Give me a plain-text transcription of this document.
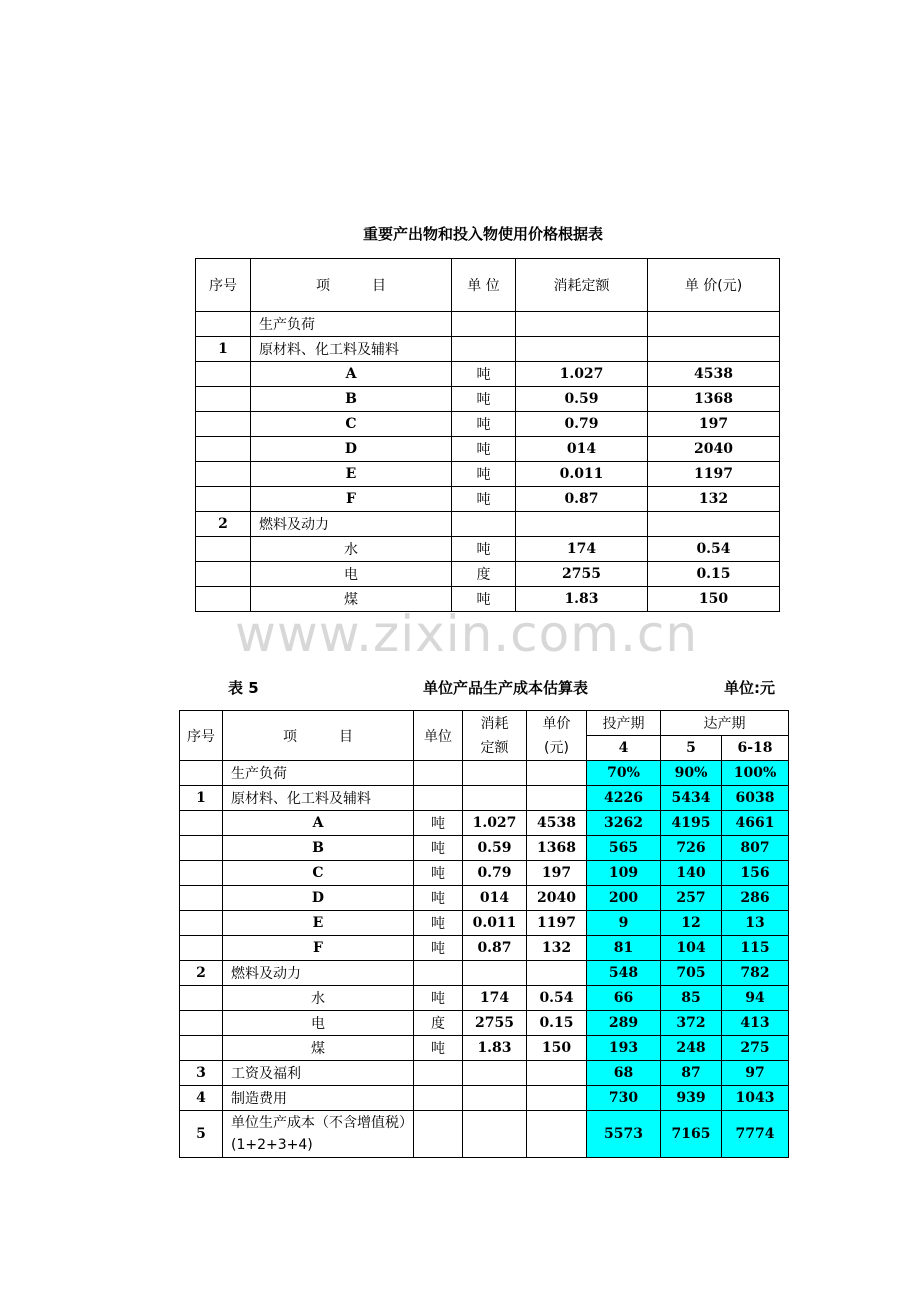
重要产出物和投入物使用价格根据表
序号	项　　　目	单 位	消耗定额	单 价(元)
	生产负荷			
1	原材料、化工料及辅料			
	A	吨	1.027	4538
	B	吨	0.59	1368
	C	吨	0.79	197
	D	吨	014	2040
	E	吨	0.011	1197
	F	吨	0.87	132
2	燃料及动力			
	水	吨	174	0.54
	电	度	2755	0.15
	煤	吨	1.83	150
www.zixin.com.cn
表 5	单位产品生产成本估算表	单位:元
序号	项　　　目	单位	消耗定额	单价(元)	投产期	达产期	
					4	5	6-18
	生产负荷				70%	90%	100%
1	原材料、化工料及辅料				4226	5434	6038
	A	吨	1.027	4538	3262	4195	4661
	B	吨	0.59	1368	565	726	807
	C	吨	0.79	197	109	140	156
	D	吨	014	2040	200	257	286
	E	吨	0.011	1197	9	12	13
	F	吨	0.87	132	81	104	115
2	燃料及动力				548	705	782
	水	吨	174	0.54	66	85	94
	电	度	2755	0.15	289	372	413
	煤	吨	1.83	150	193	248	275
3	工资及福利				68	87	97
4	制造费用				730	939	1043
5	单位生产成本（不含增值税）(1+2+3+4)				5573	7165	7774
